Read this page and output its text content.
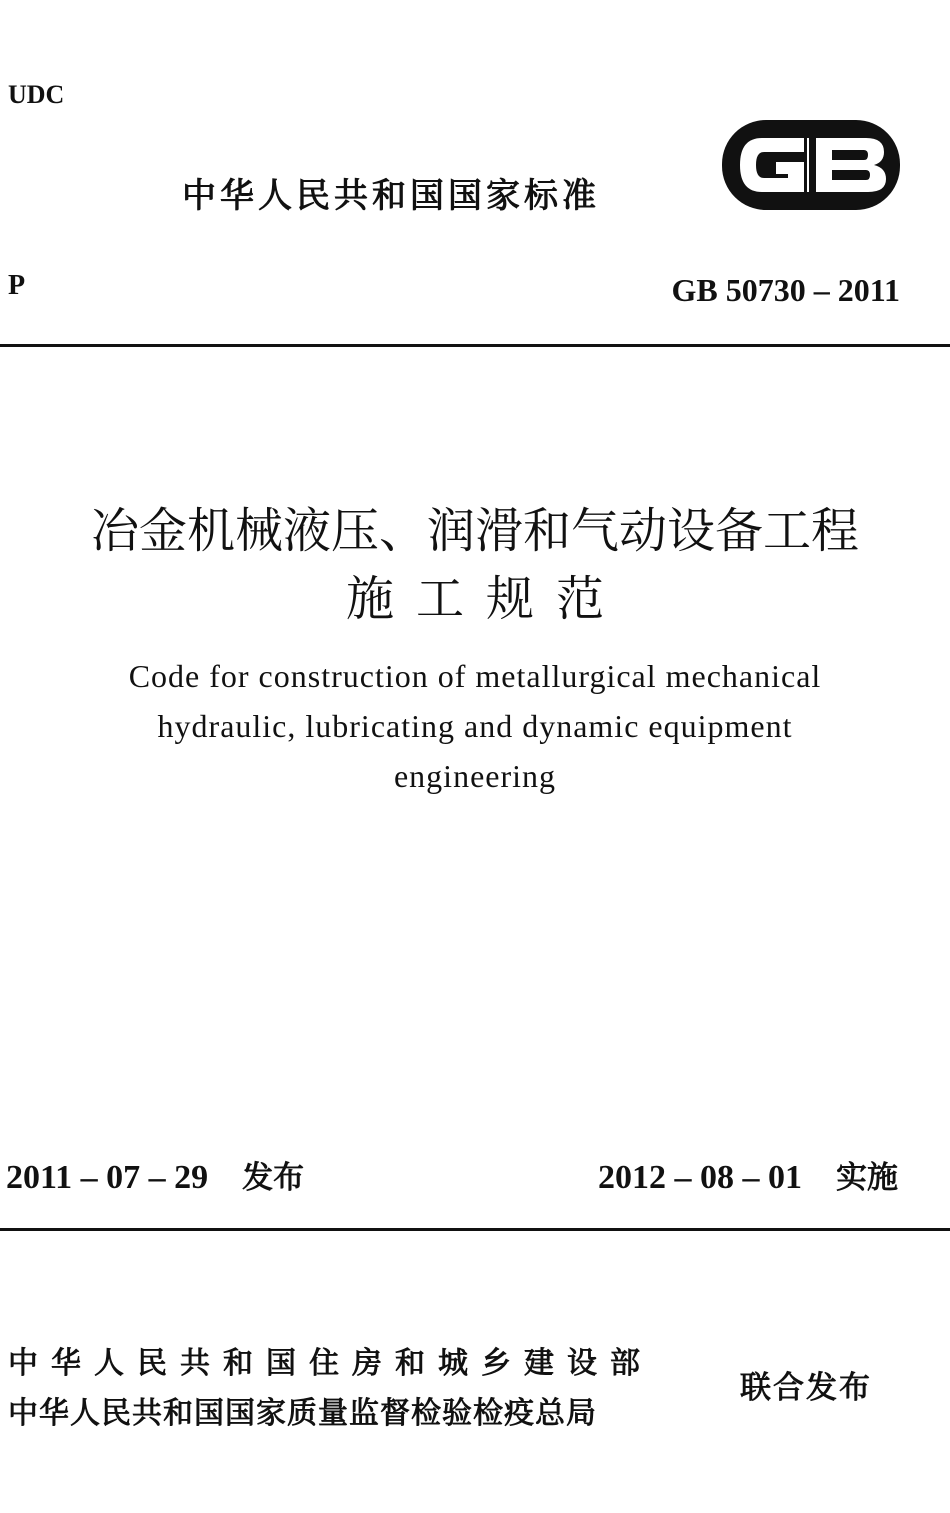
UDC
中华人民共和国国家标准
P	GB 50730 – 2011
冶金机械液压、润滑和气动设备工程
施工规范
Code for construction of metallurgical mechanical
hydraulic, lubricating and dynamic equipment
engineering
2011 – 07 – 29 发布	2012 – 08 – 01 实施
中华人民共和国住房和城乡建设部
中华人民共和国国家质量监督检验检疫总局
联合发布
